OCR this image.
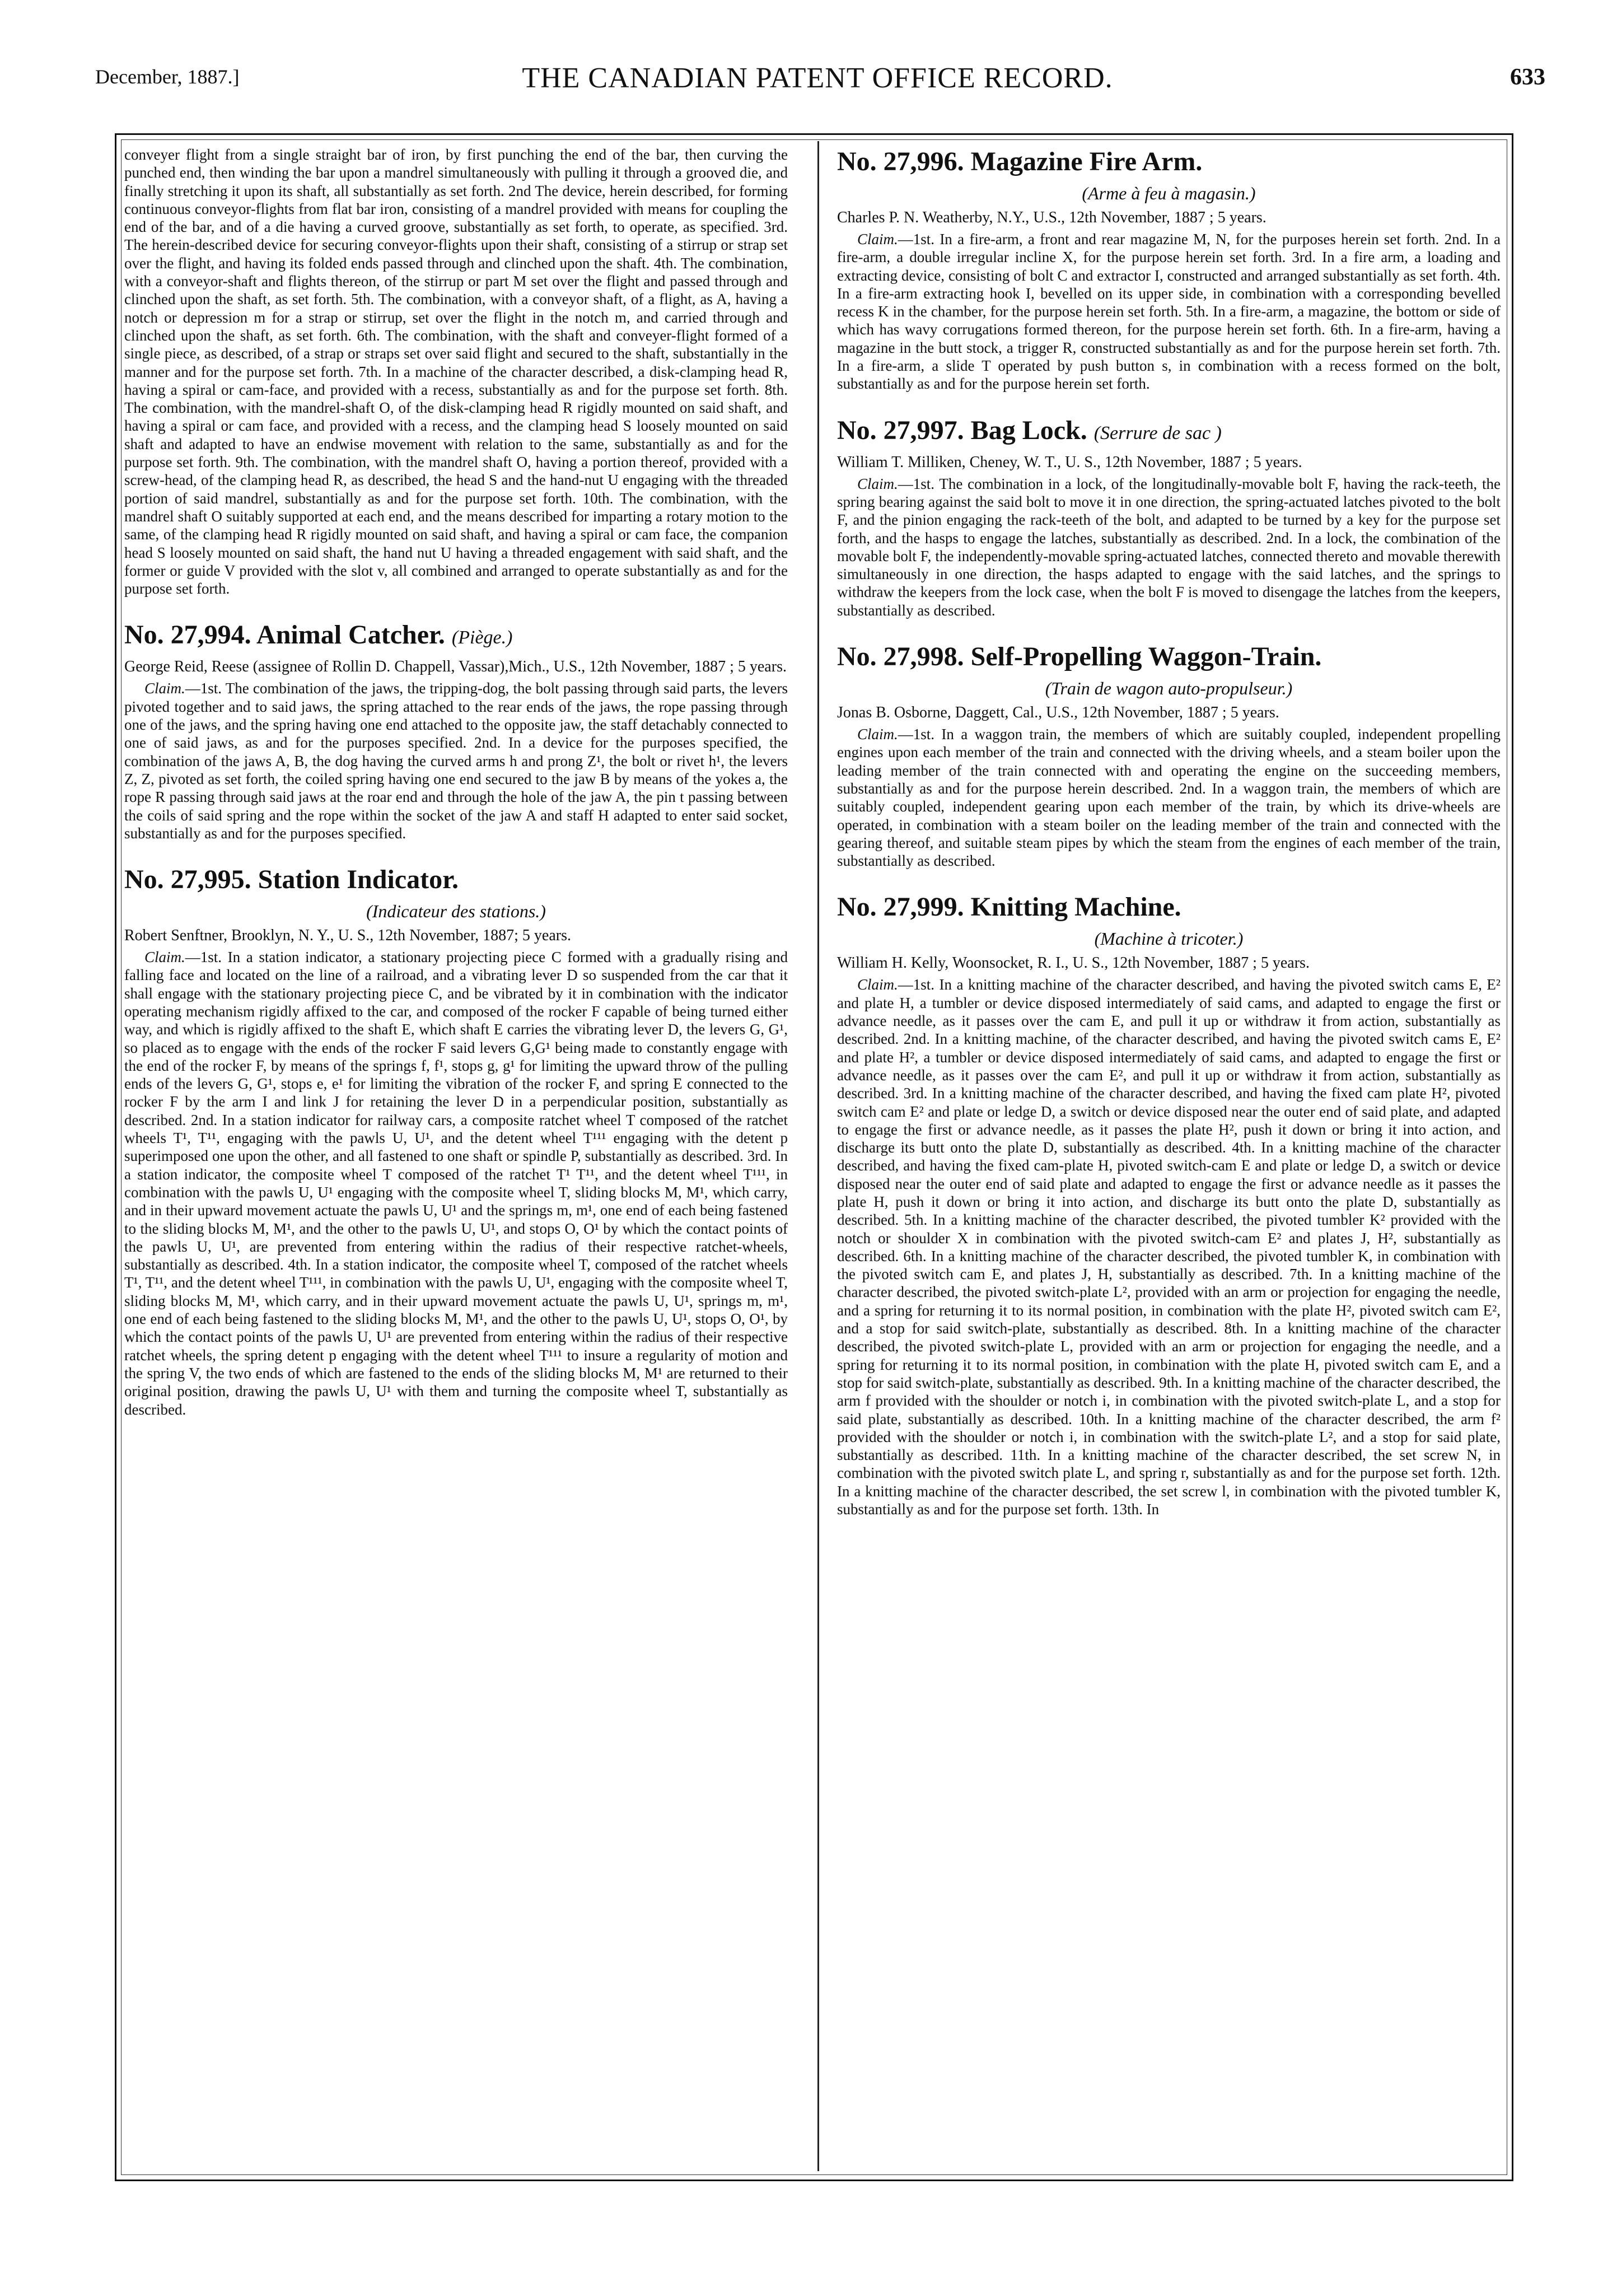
December, 1887.]	THE CANADIAN PATENT OFFICE RECORD.	633

conveyer flight from a single straight bar of iron, by first punching the end of the bar, then curving the punched end, then winding the bar upon a mandrel simultaneously with pulling it through a grooved die, and finally stretching it upon its shaft, all substantially as set forth. 2nd The device, herein described, for forming continuous conveyor-flights from flat bar iron, consisting of a mandrel provided with means for coupling the end of the bar, and of a die having a curved groove, substantially as set forth, to operate, as specified. 3rd. The herein-described device for securing conveyor-flights upon their shaft, consisting of a stirrup or strap set over the flight, and having its folded ends passed through and clinched upon the shaft. 4th. The combination, with a conveyor-shaft and flights thereon, of the stirrup or part M set over the flight and passed through and clinched upon the shaft, as set forth. 5th. The combination, with a conveyor shaft, of a flight, as A, having a notch or depression m for a strap or stirrup, set over the flight in the notch m, and carried through and clinched upon the shaft, as set forth. 6th. The combination, with the shaft and conveyer-flight formed of a single piece, as described, of a strap or straps set over said flight and secured to the shaft, substantially in the manner and for the purpose set forth. 7th. In a machine of the character described, a disk-clamping head R, having a spiral or cam-face, and provided with a recess, substantially as and for the purpose set forth. 8th. The combination, with the mandrel-shaft O, of the disk-clamping head R rigidly mounted on said shaft, and having a spiral or cam face, and provided with a recess, and the clamping head S loosely mounted on said shaft and adapted to have an endwise movement with relation to the same, substantially as and for the purpose set forth. 9th. The combination, with the mandrel shaft O, having a portion thereof, provided with a screw-head, of the clamping head R, as described, the head S and the hand-nut U engaging with the threaded portion of said mandrel, substantially as and for the purpose set forth. 10th. The combination, with the mandrel shaft O suitably supported at each end, and the means described for imparting a rotary motion to the same, of the clamping head R rigidly mounted on said shaft, and having a spiral or cam face, the companion head S loosely mounted on said shaft, the hand nut U having a threaded engagement with said shaft, and the former or guide V provided with the slot v, all combined and arranged to operate substantially as and for the purpose set forth.

No. 27,994. Animal Catcher. (Piège.)

George Reid, Reese (assignee of Rollin D. Chappell, Vassar),Mich., U.S., 12th November, 1887 ; 5 years.

Claim.—1st. The combination of the jaws, the tripping-dog, the bolt passing through said parts, the levers pivoted together and to said jaws, the spring attached to the rear ends of the jaws, the rope passing through one of the jaws, and the spring having one end attached to the opposite jaw, the staff detachably connected to one of said jaws, as and for the purposes specified. 2nd. In a device for the purposes specified, the combination of the jaws A, B, the dog having the curved arms h and prong Z¹, the bolt or rivet h¹, the levers Z, Z, pivoted as set forth, the coiled spring having one end secured to the jaw B by means of the yokes a, the rope R passing through said jaws at the roar end and through the hole of the jaw A, the pin t passing between the coils of said spring and the rope within the socket of the jaw A and staff H adapted to enter said socket, substantially as and for the purposes specified.

No. 27,995. Station Indicator.
(Indicateur des stations.)

Robert Senftner, Brooklyn, N. Y., U. S., 12th November, 1887; 5 years.

Claim.—1st. In a station indicator, a stationary projecting piece C formed with a gradually rising and falling face and located on the line of a railroad, and a vibrating lever D so suspended from the car that it shall engage with the stationary projecting piece C, and be vibrated by it in combination with the indicator operating mechanism rigidly affixed to the car, and composed of the rocker F capable of being turned either way, and which is rigidly affixed to the shaft E, which shaft E carries the vibrating lever D, the levers G, G¹, so placed as to engage with the ends of the rocker F said levers G,G¹ being made to constantly engage with the end of the rocker F, by means of the springs f, f¹, stops g, g¹ for limiting the upward throw of the pulling ends of the levers G, G¹, stops e, e¹ for limiting the vibration of the rocker F, and spring E connected to the rocker F by the arm I and link J for retaining the lever D in a perpendicular position, substantially as described. 2nd. In a station indicator for railway cars, a composite ratchet wheel T composed of the ratchet wheels T¹, T¹¹, engaging with the pawls U, U¹, and the detent wheel T¹¹¹ engaging with the detent p superimposed one upon the other, and all fastened to one shaft or spindle P, substantially as described. 3rd. In a station indicator, the composite wheel T composed of the ratchet T¹ T¹¹, and the detent wheel T¹¹¹, in combination with the pawls U, U¹ engaging with the composite wheel T, sliding blocks M, M¹, which carry, and in their upward movement actuate the pawls U, U¹ and the springs m, m¹, one end of each being fastened to the sliding blocks M, M¹, and the other to the pawls U, U¹, and stops O, O¹ by which the contact points of the pawls U, U¹, are prevented from entering within the radius of their respective ratchet-wheels, substantially as described. 4th. In a station indicator, the composite wheel T, composed of the ratchet wheels T¹, T¹¹, and the detent wheel T¹¹¹, in combination with the pawls U, U¹, engaging with the composite wheel T, sliding blocks M, M¹, which carry, and in their upward movement actuate the pawls U, U¹, springs m, m¹, one end of each being fastened to the sliding blocks M, M¹, and the other to the pawls U, U¹, stops O, O¹, by which the contact points of the pawls U, U¹ are prevented from entering within the radius of their respective ratchet wheels, the spring detent p engaging with the detent wheel T¹¹¹ to insure a regularity of motion and the spring V, the two ends of which are fastened to the ends of the sliding blocks M, M¹ are returned to their original position, drawing the pawls U, U¹ with them and turning the composite wheel T, substantially as described.

No. 27,996. Magazine Fire Arm.
(Arme à feu à magasin.)

Charles P. N. Weatherby, N.Y., U.S., 12th November, 1887 ; 5 years.

Claim.—1st. In a fire-arm, a front and rear magazine M, N, for the purposes herein set forth. 2nd. In a fire-arm, a double irregular incline X, for the purpose herein set forth. 3rd. In a fire arm, a loading and extracting device, consisting of bolt C and extractor I, constructed and arranged substantially as set forth. 4th. In a fire-arm extracting hook I, bevelled on its upper side, in combination with a corresponding bevelled recess K in the chamber, for the purpose herein set forth. 5th. In a fire-arm, a magazine, the bottom or side of which has wavy corrugations formed thereon, for the purpose herein set forth. 6th. In a fire-arm, having a magazine in the butt stock, a trigger R, constructed substantially as and for the purpose herein set forth. 7th. In a fire-arm, a slide T operated by push button s, in combination with a recess formed on the bolt, substantially as and for the purpose herein set forth.

No. 27,997. Bag Lock. (Serrure de sac )

William T. Milliken, Cheney, W. T., U. S., 12th November, 1887 ; 5 years.

Claim.—1st. The combination in a lock, of the longitudinally-movable bolt F, having the rack-teeth, the spring bearing against the said bolt to move it in one direction, the spring-actuated latches pivoted to the bolt F, and the pinion engaging the rack-teeth of the bolt, and adapted to be turned by a key for the purpose set forth, and the hasps to engage the latches, substantially as described. 2nd. In a lock, the combination of the movable bolt F, the independently-movable spring-actuated latches, connected thereto and movable therewith simultaneously in one direction, the hasps adapted to engage with the said latches, and the springs to withdraw the keepers from the lock case, when the bolt F is moved to disengage the latches from the keepers, substantially as described.

No. 27,998. Self-Propelling Waggon-Train.
(Train de wagon auto-propulseur.)

Jonas B. Osborne, Daggett, Cal., U.S., 12th November, 1887 ; 5 years.

Claim.—1st. In a waggon train, the members of which are suitably coupled, independent propelling engines upon each member of the train and connected with the driving wheels, and a steam boiler upon the leading member of the train connected with and operating the engine on the succeeding members, substantially as and for the purpose herein described. 2nd. In a waggon train, the members of which are suitably coupled, independent gearing upon each member of the train, by which its drive-wheels are operated, in combination with a steam boiler on the leading member of the train and connected with the gearing thereof, and suitable steam pipes by which the steam from the engines of each member of the train, substantially as described.

No. 27,999. Knitting Machine.
(Machine à tricoter.)

William H. Kelly, Woonsocket, R. I., U. S., 12th November, 1887 ; 5 years.

Claim.—1st. In a knitting machine of the character described, and having the pivoted switch cams E, E² and plate H, a tumbler or device disposed intermediately of said cams, and adapted to engage the first or advance needle, as it passes over the cam E, and pull it up or withdraw it from action, substantially as described. 2nd. In a knitting machine, of the character described, and having the pivoted switch cams E, E² and plate H², a tumbler or device disposed intermediately of said cams, and adapted to engage the first or advance needle, as it passes over the cam E², and pull it up or withdraw it from action, substantially as described. 3rd. In a knitting machine of the character described, and having the fixed cam plate H², pivoted switch cam E² and plate or ledge D, a switch or device disposed near the outer end of said plate, and adapted to engage the first or advance needle, as it passes the plate H², push it down or bring it into action, and discharge its butt onto the plate D, substantially as described. 4th. In a knitting machine of the character described, and having the fixed cam-plate H, pivoted switch-cam E and plate or ledge D, a switch or device disposed near the outer end of said plate and adapted to engage the first or advance needle as it passes the plate H, push it down or bring it into action, and discharge its butt onto the plate D, substantially as described. 5th. In a knitting machine of the character described, the pivoted tumbler K² provided with the notch or shoulder X in combination with the pivoted switch-cam E² and plates J, H², substantially as described. 6th. In a knitting machine of the character described, the pivoted tumbler K, in combination with the pivoted switch cam E, and plates J, H, substantially as described. 7th. In a knitting machine of the character described, the pivoted switch-plate L², provided with an arm or projection for engaging the needle, and a spring for returning it to its normal position, in combination with the plate H², pivoted switch cam E², and a stop for said switch-plate, substantially as described. 8th. In a knitting machine of the character described, the pivoted switch-plate L, provided with an arm or projection for engaging the needle, and a spring for returning it to its normal position, in combination with the plate H, pivoted switch cam E, and a stop for said switch-plate, substantially as described. 9th. In a knitting machine of the character described, the arm f provided with the shoulder or notch i, in combination with the pivoted switch-plate L, and a stop for said plate, substantially as described. 10th. In a knitting machine of the character described, the arm f² provided with the shoulder or notch i, in combination with the switch-plate L², and a stop for said plate, substantially as described. 11th. In a knitting machine of the character described, the set screw N, in combination with the pivoted switch plate L, and spring r, substantially as and for the purpose set forth. 12th. In a knitting machine of the character described, the set screw l, in combination with the pivoted tumbler K, substantially as and for the purpose set forth. 13th. In
